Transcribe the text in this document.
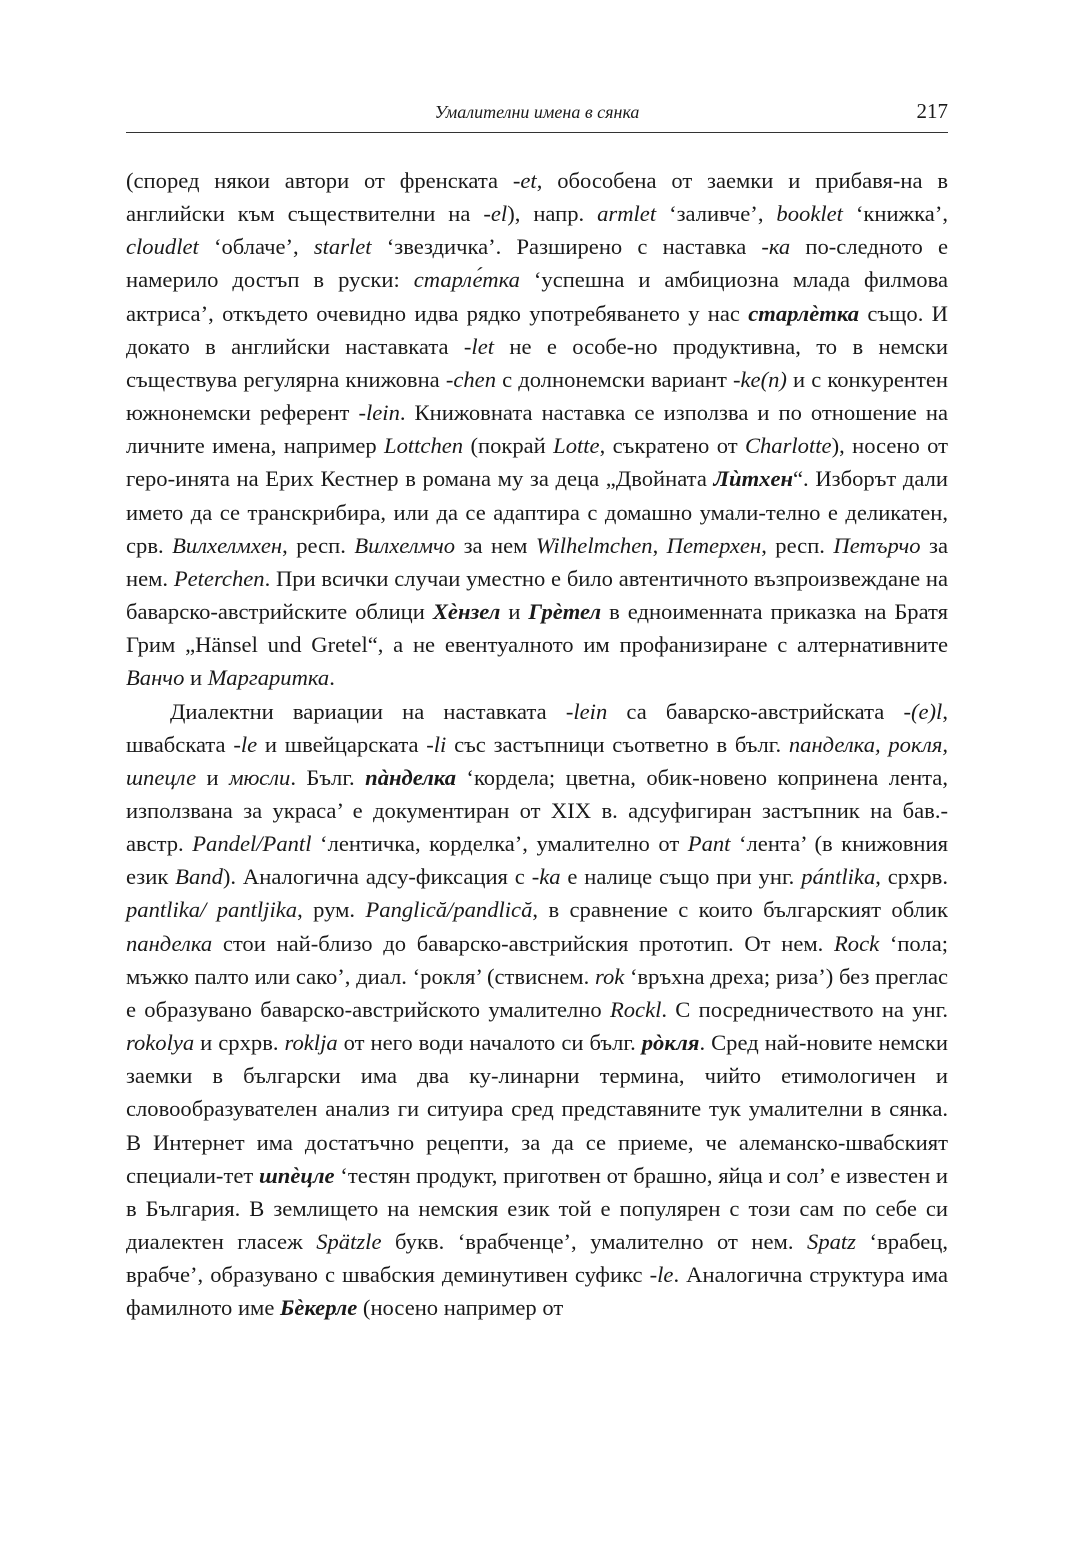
Умалителни имена в сянка	217

(според някои автори от френската -et, обособена от заемки и прибавя-на в английски към съществителни на -el), напр. armlet ‘заливче’, booklet ‘книжка’, cloudlet ‘облаче’, starlet ‘звездичка’. Разширено с наставка -ка по-следното е намерило достъп в руски: старле́тка ‘успешна и амбициозна млада филмова актриса’, откъдето очевидно идва рядко употребяването у нас старлѐтка също. И докато в английски наставката -let не е особе-но продуктивна, то в немски съществува регулярна книжовна -chen с долнонемски вариант -ke(n) и с конкурентен южнонемски референт -lein. Книжовната наставка се използва и по отношение на личните имена, например Lottchen (покрай Lotte, съкратено от Charlotte), носено от геро-инята на Ерих Кестнер в романа му за деца „Двойната Лѝтхен“. Изборът дали името да се транскрибира, или да се адаптира с домашно умали-телно е деликатен, срв. Вилхелмхен, респ. Вилхелмчо за нем Wilhelmchen, Петерхен, респ. Петърчо за нем. Peterchen. При всички случаи уместно е било автентичното възпроизвеждане на баварско-австрийските облици Хѐнзел и Грѐтел в едноименната приказка на Братя Грим „Hänsel und Gretel“, а не евентуалното им профанизиране с алтернативните Ванчо и Маргаритка.

Диалектни вариации на наставката -lein са баварско-австрийската -(e)l, швабската -le и швейцарската -li със застъпници съответно в бълг. панделка, рокля, шпецле и мюсли. Бълг. пàнделка ‘кордела; цветна, обик-новено копринена лента, използвана за украса’ е документиран от XIX в. адсуфигиран застъпник на бав.-австр. Pandel/Pantl ‘лентичка, корделка’, умалително от Pant ‘лента’ (в книжовния език Band). Аналогична адсу-фиксация с -ka е налице също при унг. pántlika, срхрв. pantlika/ pantljika, рум. Panglică/pandlică, в сравнение с които българският облик панделка стои най-близо до баварско-австрийския прототип. От нем. Rock ‘пола; мъжко палто или сако’, диал. ‘рокля’ (ствиснем. rok ‘връхна дреха; риза’) без преглас е образувано баварско-австрийското умалително Rockl. С посредничеството на унг. rokolya и срхрв. roklja от него води началото си бълг. рòкля. Сред най-новите немски заемки в български има два ку-линарни термина, чийто етимологичен и словообразувателен анализ ги ситуира сред представяните тук умалителни в сянка. В Интернет има достатъчно рецепти, за да се приеме, че алеманско-швабският специали-тет шпѐцле ‘тестян продукт, приготвен от брашно, яйца и сол’ е известен и в България. В землището на немския език той е популярен с този сам по себе си диалектен гласеж Spätzle букв. ‘врабченце’, умалително от нем. Spatz ‘врабец, врабче’, образувано с швабския деминутивен суфикс -le. Аналогична структура има фамилното име Бѐкерле (носено например от
